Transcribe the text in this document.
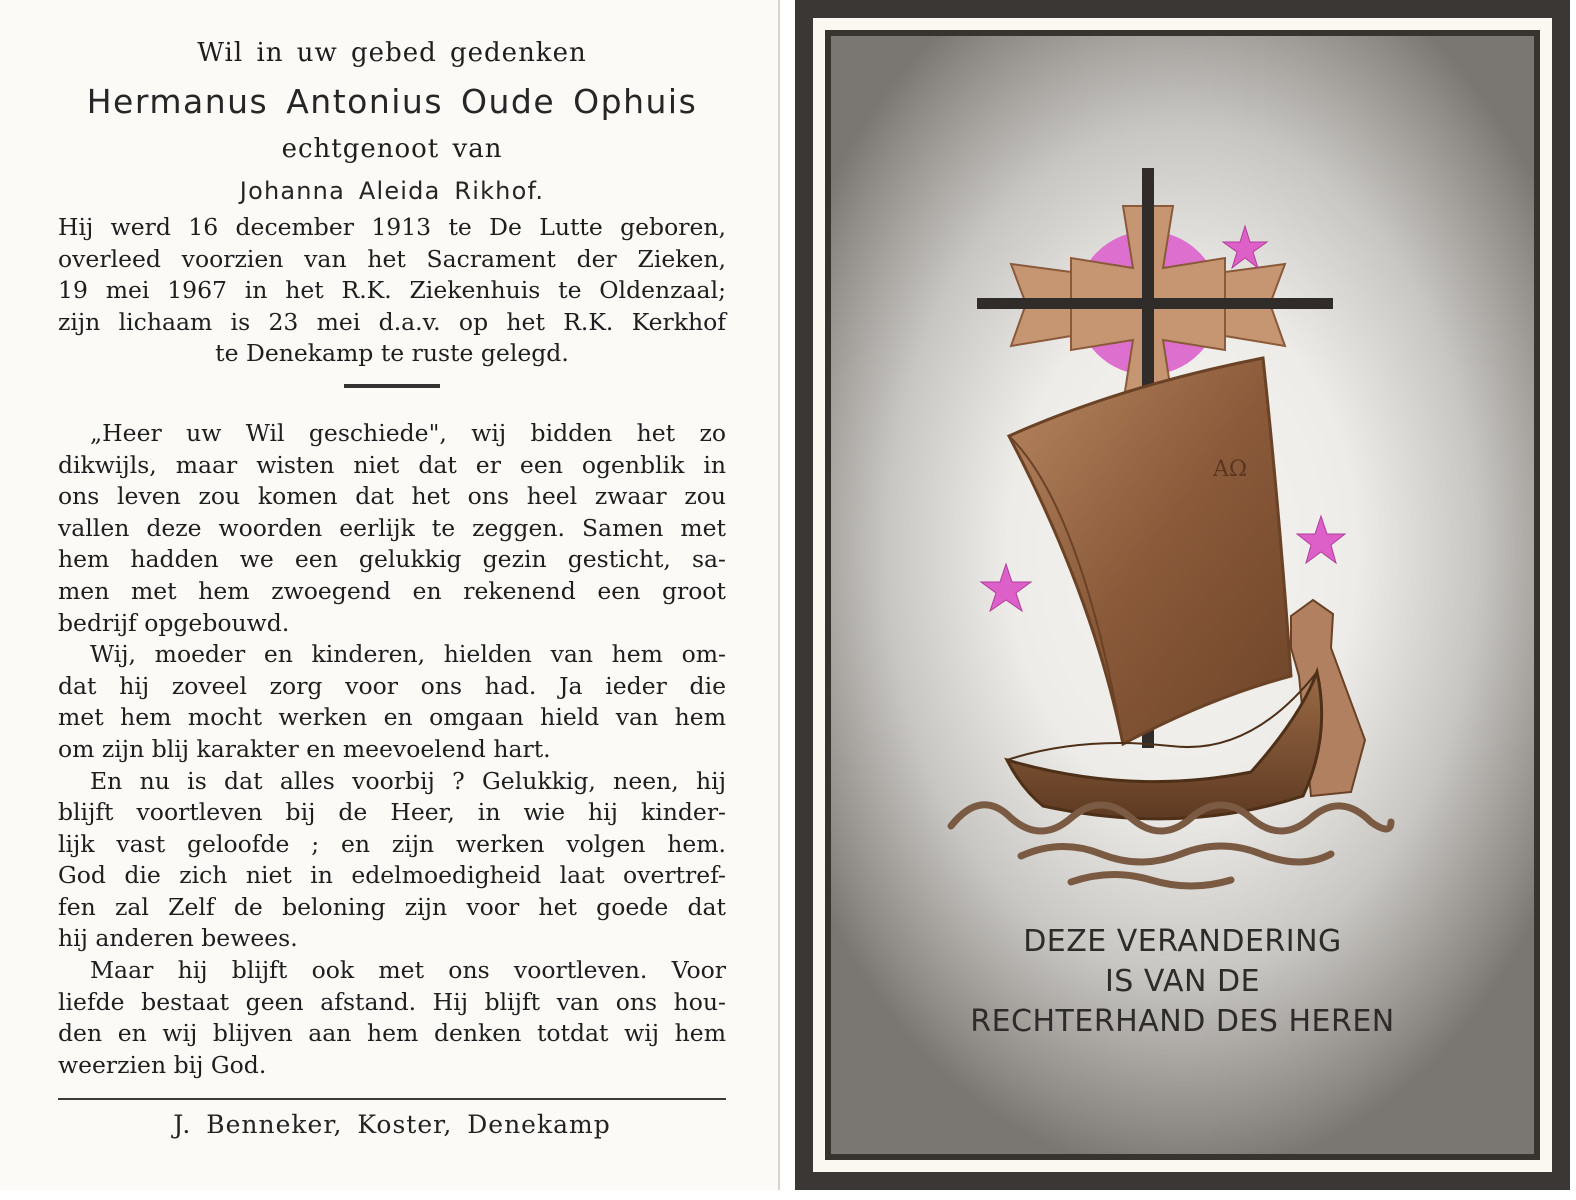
Wil in uw gebed gedenken

Hermanus Antonius Oude Ophuis

echtgenoot van

Johanna Aleida Rikhof.

Hij werd 16 december 1913 te De Lutte geboren,
overleed voorzien van het Sacrament der Zieken,
19 mei 1967 in het R.K. Ziekenhuis te Oldenzaal;
zijn lichaam is 23 mei d.a.v. op het R.K. Kerkhof
te Denekamp te ruste gelegd.

„Heer uw Wil geschiede", wij bidden het zo
dikwijls, maar wisten niet dat er een ogenblik in
ons leven zou komen dat het ons heel zwaar zou
vallen deze woorden eerlijk te zeggen. Samen met
hem hadden we een gelukkig gezin gesticht, sa-
men met hem zwoegend en rekenend een groot
bedrijf opgebouwd.

Wij, moeder en kinderen, hielden van hem om-
dat hij zoveel zorg voor ons had. Ja ieder die
met hem mocht werken en omgaan hield van hem
om zijn blij karakter en meevoelend hart.

En nu is dat alles voorbij ? Gelukkig, neen, hij
blijft voortleven bij de Heer, in wie hij kinder-
lijk vast geloofde ; en zijn werken volgen hem.
God die zich niet in edelmoedigheid laat overtref-
fen zal Zelf de beloning zijn voor het goede dat
hij anderen bewees.

Maar hij blijft ook met ons voortleven. Voor
liefde bestaat geen afstand. Hij blijft van ons hou-
den en wij blijven aan hem denken totdat wij hem
weerzien bij God.

J. Benneker, Koster, Denekamp
AΩ
DEZE VERANDERING
IS VAN DE
RECHTERHAND DES HEREN
